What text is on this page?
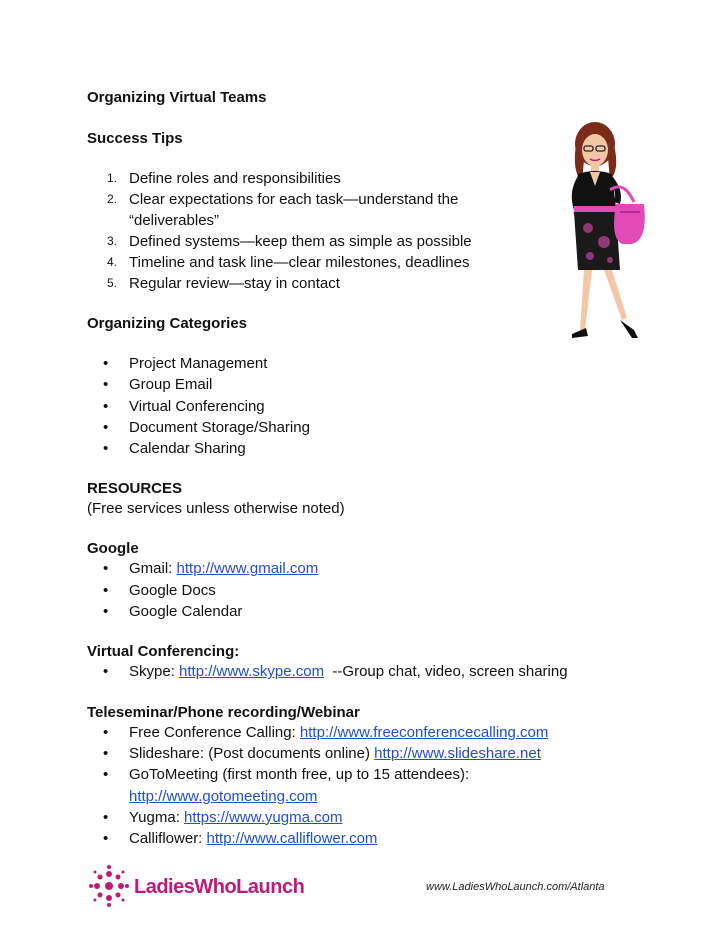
Organizing Virtual Teams

Success Tips

1. Define roles and responsibilities
2. Clear expectations for each task—understand the “deliverables”
3. Defined systems—keep them as simple as possible
4. Timeline and task line—clear milestones, deadlines
5. Regular review—stay in contact

Organizing Categories

• Project Management
• Group Email
• Virtual Conferencing
• Document Storage/Sharing
• Calendar Sharing

RESOURCES

(Free services unless otherwise noted)

Google

• Gmail: http://www.gmail.com
• Google Docs
• Google Calendar

Virtual Conferencing:

• Skype: http://www.skype.com  --Group chat, video, screen sharing

Teleseminar/Phone recording/Webinar

• Free Conference Calling: http://www.freeconferencecalling.com
• Slideshare: (Post documents online) http://www.slideshare.net
• GoToMeeting (first month free, up to 15 attendees):
http://www.gotomeeting.com
• Yugma: https://www.yugma.com
• Calliflower: http://www.calliflower.com
LadiesWhoLaunch	www.LadiesWhoLaunch.com/Atlanta
